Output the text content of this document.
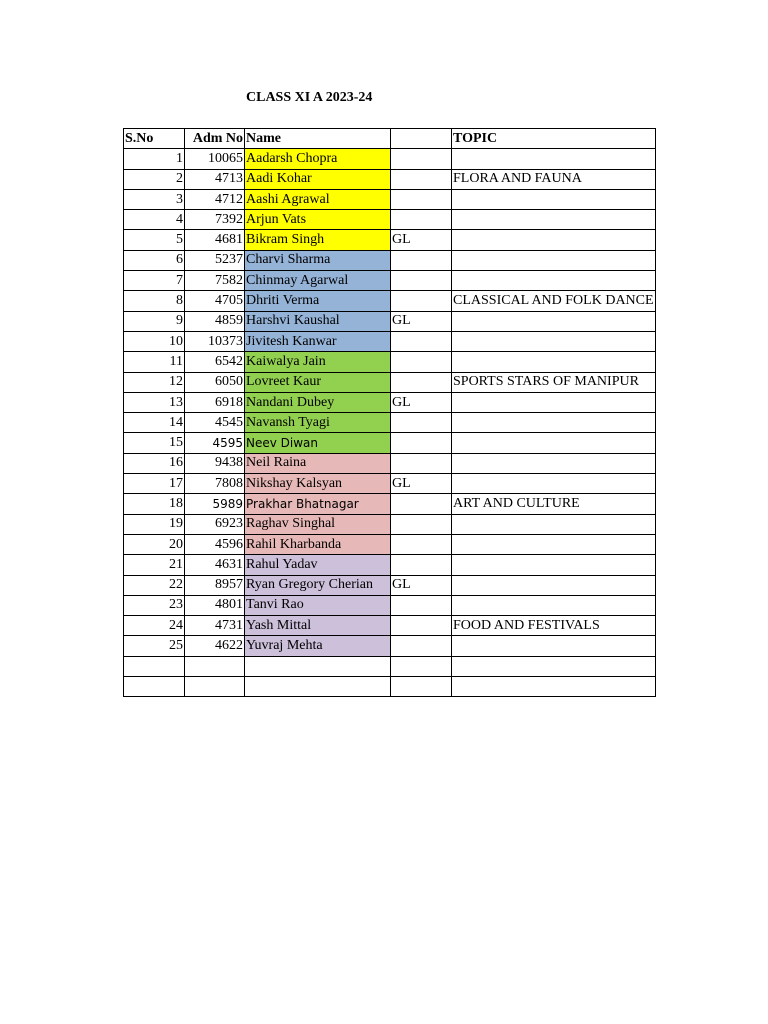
CLASS XI A 2023-24
S.No	Adm No	Name		TOPIC
1	10065	Aadarsh Chopra		
2	4713	Aadi Kohar		FLORA AND FAUNA
3	4712	Aashi Agrawal		
4	7392	Arjun Vats		
5	4681	Bikram Singh	GL	
6	5237	Charvi Sharma		
7	7582	Chinmay Agarwal		
8	4705	Dhriti Verma		CLASSICAL AND FOLK DANCE
9	4859	Harshvi Kaushal	GL	
10	10373	Jivitesh Kanwar		
11	6542	Kaiwalya Jain		
12	6050	Lovreet Kaur		SPORTS STARS OF MANIPUR
13	6918	Nandani Dubey	GL	
14	4545	Navansh Tyagi		
15	4595	Neev Diwan		
16	9438	Neil Raina		
17	7808	Nikshay Kalsyan	GL	
18	5989	Prakhar Bhatnagar		ART AND CULTURE
19	6923	Raghav Singhal		
20	4596	Rahil Kharbanda		
21	4631	Rahul Yadav		
22	8957	Ryan Gregory Cherian	GL	
23	4801	Tanvi Rao		
24	4731	Yash Mittal		FOOD AND FESTIVALS
25	4622	Yuvraj Mehta		
